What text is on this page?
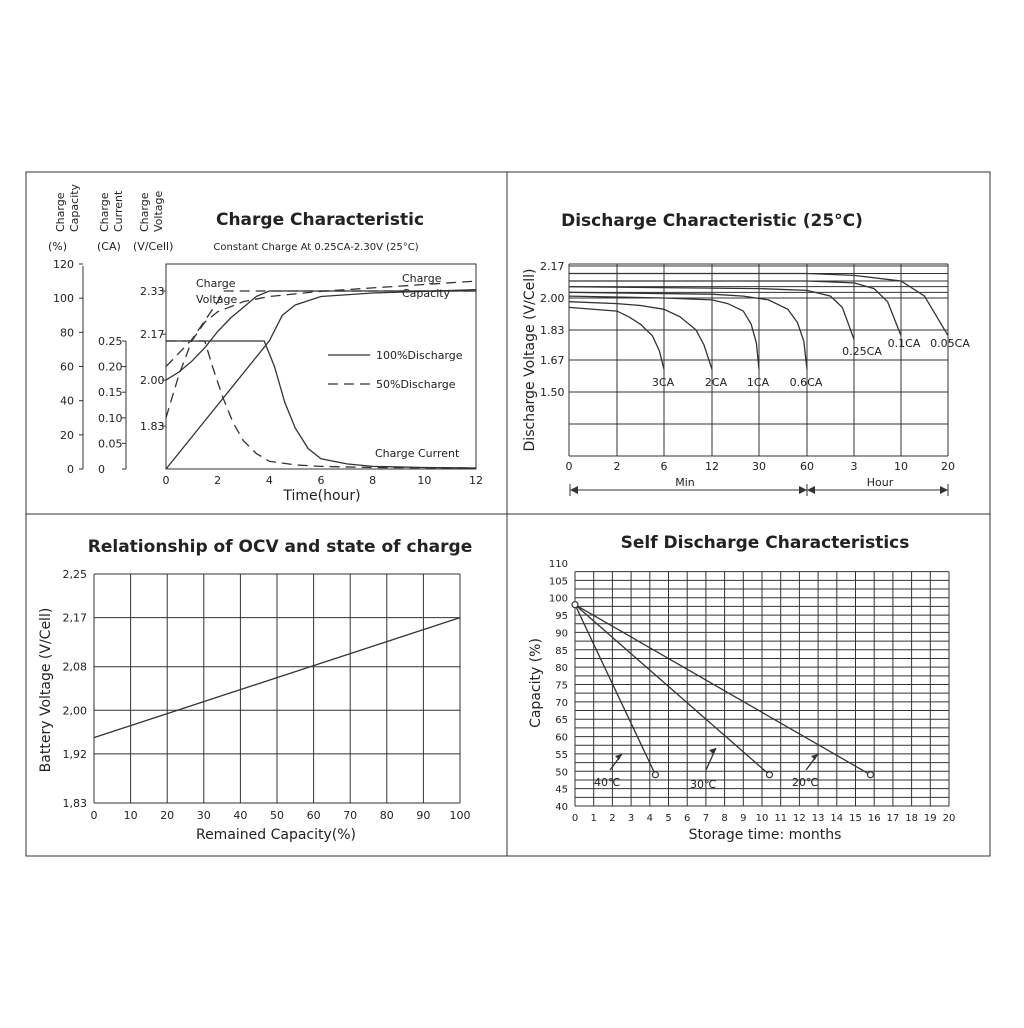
Charge Characteristic
Constant Charge At 0.25CA-2.30V (25°C)
Charge Capacity Charge Current Charge Voltage
(%)	(CA) (V/Cell)
120
100
80
60
40
20
0
0.25
0.20
0.15
0.10
0.05
0
2.33
2.17
2.00
1.83
0	2	4	6	8	10	12
Time(hour)
Charge
Voltage
Charge
Capacity
Charge Current
100%Discharge
50%Discharge
Discharge Characteristic (25°C)
Discharge Voltage (V/Cell)
2.17
2.00
1.83
1.67
1.50
0	2	6	12	30	60	3	10	20
3CA	2CA 1CA 0.6CA
0.25CA
0.1CA 0.05CA
Min	Hour
Relationship of OCV and state of charge
Battery Voltage (V/Cell)
Remained Capacity(%)
0 10 20 30 40 50 60 70 80 90 100
2,25
2,17
2,08
2,00
1,92
1,83
Self Discharge Characteristics
Capacity (%)
Storage time: months
0 1 2 3 4 5 6 7 8 9 10 11 12 13 14 15 16 17 18 19 20
110
105
100
95
90
85
80
75
70
65
60
55
50
45
40
40℃	30℃	20℃
